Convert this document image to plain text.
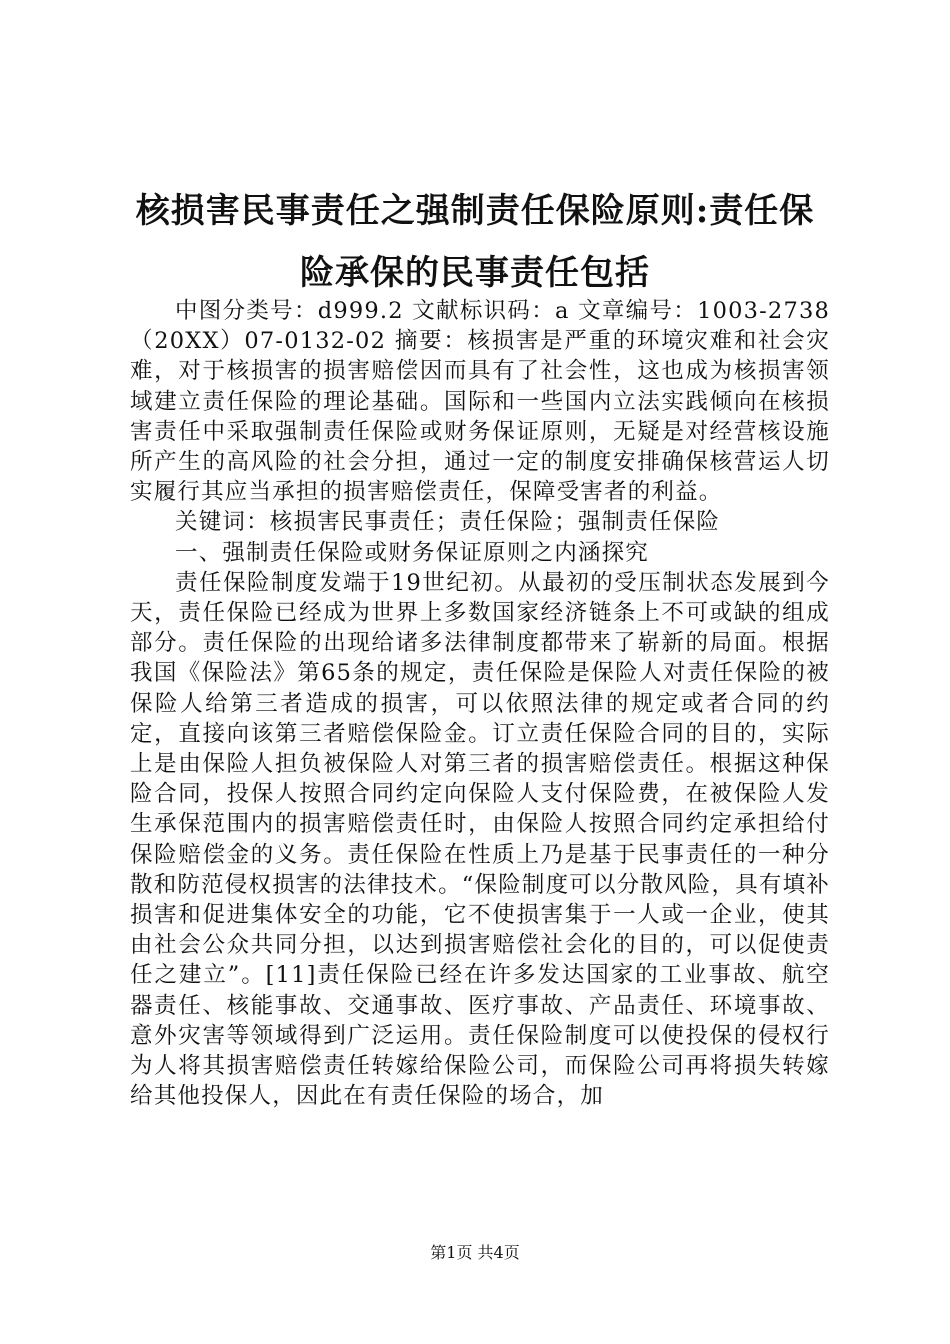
核损害民事责任之强制责任保险原则:责任保险承保的民事责任包括

中图分类号：d999.2 文献标识码：a 文章编号：1003-2738（20XX）07-0132-02 摘要：核损害是严重的环境灾难和社会灾难，对于核损害的损害赔偿因而具有了社会性，这也成为核损害领域建立责任保险的理论基础。国际和一些国内立法实践倾向在核损害责任中采取强制责任保险或财务保证原则，无疑是对经营核设施所产生的高风险的社会分担，通过一定的制度安排确保核营运人切实履行其应当承担的损害赔偿责任，保障受害者的利益。

关键词：核损害民事责任；责任保险；强制责任保险

一、强制责任保险或财务保证原则之内涵探究

责任保险制度发端于19世纪初。从最初的受压制状态发展到今天，责任保险已经成为世界上多数国家经济链条上不可或缺的组成部分。责任保险的出现给诸多法律制度都带来了崭新的局面。根据我国《保险法》第65条的规定，责任保险是保险人对责任保险的被保险人给第三者造成的损害，可以依照法律的规定或者合同的约定，直接向该第三者赔偿保险金。订立责任保险合同的目的，实际上是由保险人担负被保险人对第三者的损害赔偿责任。根据这种保险合同，投保人按照合同约定向保险人支付保险费，在被保险人发生承保范围内的损害赔偿责任时，由保险人按照合同约定承担给付保险赔偿金的义务。责任保险在性质上乃是基于民事责任的一种分散和防范侵权损害的法律技术。“保险制度可以分散风险，具有填补损害和促进集体安全的功能，它不使损害集于一人或一企业，使其由社会公众共同分担，以达到损害赔偿社会化的目的，可以促使责任之建立”。[11]责任保险已经在许多发达国家的工业事故、航空器责任、核能事故、交通事故、医疗事故、产品责任、环境事故、意外灾害等领域得到广泛运用。责任保险制度可以使投保的侵权行为人将其损害赔偿责任转嫁给保险公司，而保险公司再将损失转嫁给其他投保人，因此在有责任保险的场合，加

第1页 共4页
